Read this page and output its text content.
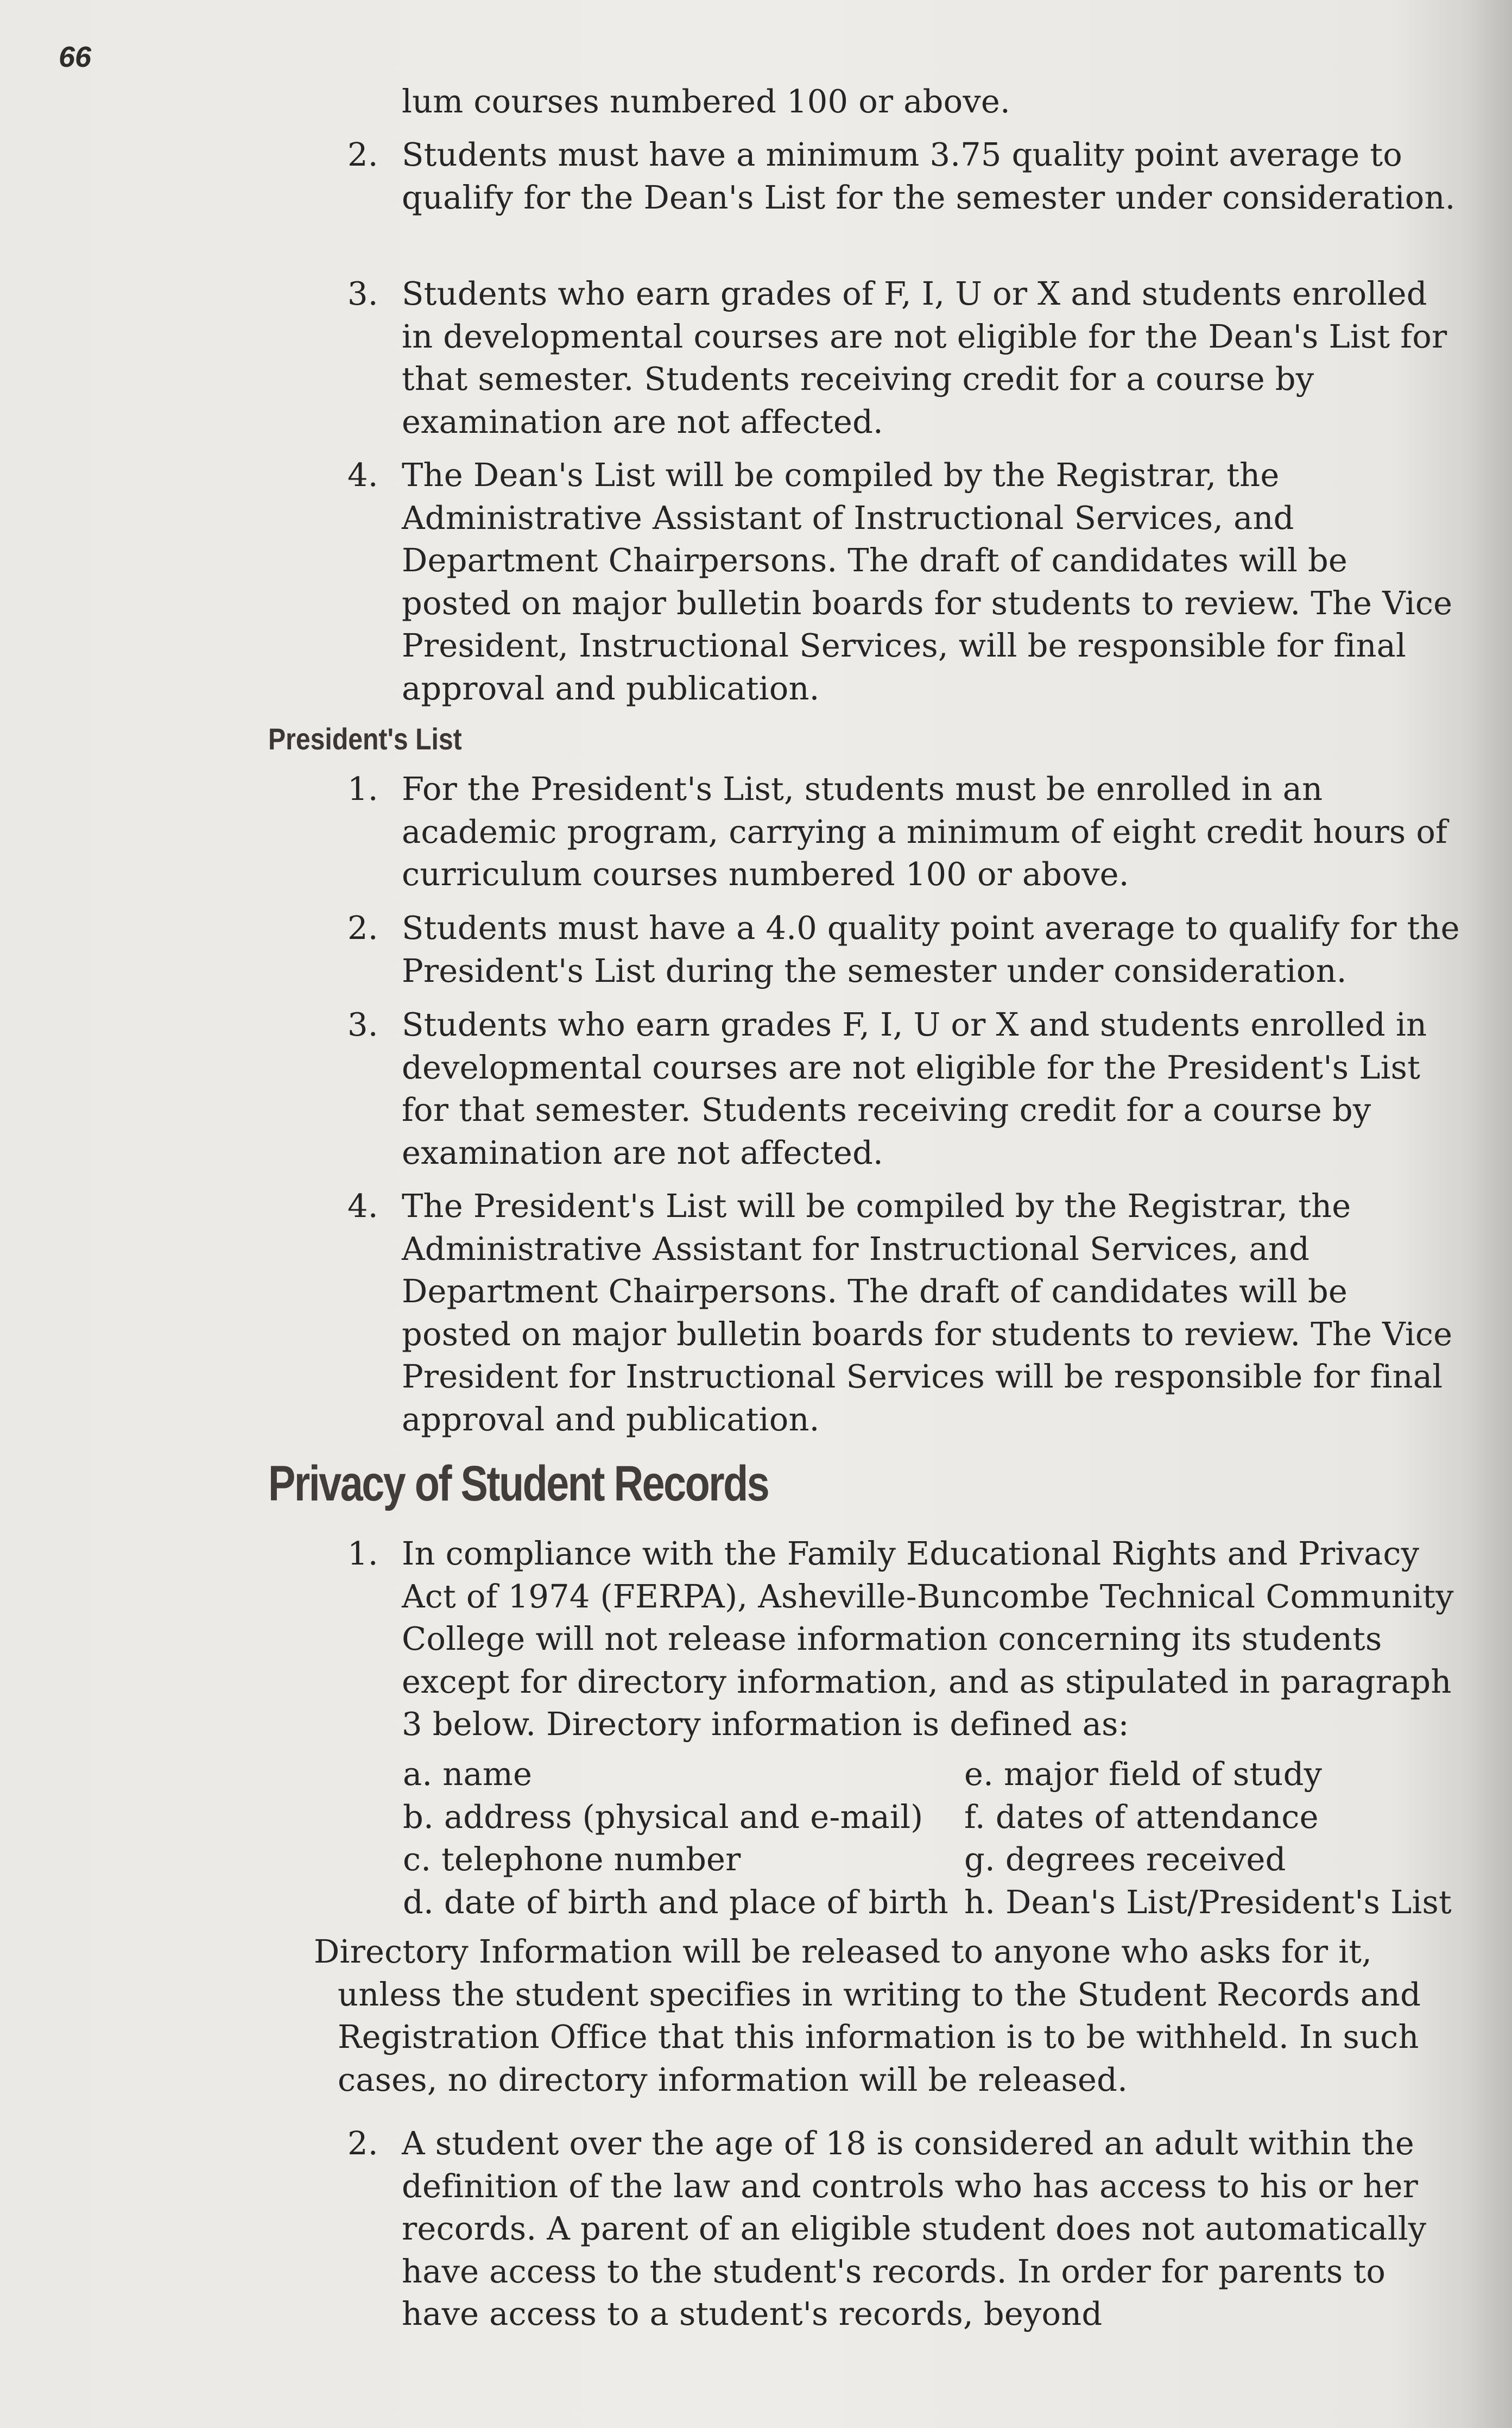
66
lum courses numbered 100 or above.
2. Students must have a minimum 3.75 quality point average to qualify for the Dean's List for the semester under consideration.
3. Students who earn grades of F, I, U or X and students enrolled in developmental courses are not eligible for the Dean's List for that semester. Students receiving credit for a course by examination are not affected.
4. The Dean's List will be compiled by the Registrar, the Administrative Assistant of Instructional Services, and Department Chairpersons. The draft of candidates will be posted on major bulletin boards for students to review. The Vice President, Instructional Services, will be responsible for final approval and publication.
President's List
1. For the President's List, students must be enrolled in an academic program, carrying a minimum of eight credit hours of curriculum courses numbered 100 or above.
2. Students must have a 4.0 quality point average to qualify for the President's List during the semester under consideration.
3. Students who earn grades F, I, U or X and students enrolled in developmental courses are not eligible for the President's List for that semester. Students receiving credit for a course by examination are not affected.
4. The President's List will be compiled by the Registrar, the Administrative Assistant for Instructional Services, and Department Chairpersons. The draft of candidates will be posted on major bulletin boards for students to review. The Vice President for Instructional Services will be responsible for final approval and publication.
Privacy of Student Records
1. In compliance with the Family Educational Rights and Privacy Act of 1974 (FERPA), Asheville-Buncombe Technical Community College will not release information concerning its students except for directory information, and as stipulated in paragraph 3 below. Directory information is defined as:
a. name
b. address (physical and e-mail)
c. telephone number
d. date of birth and place of birth
e. major field of study
f. dates of attendance
g. degrees received
h. Dean's List/President's List
Directory Information will be released to anyone who asks for it, unless the student specifies in writing to the Student Records and Registration Office that this information is to be withheld. In such cases, no directory information will be released.
2. A student over the age of 18 is considered an adult within the definition of the law and controls who has access to his or her records. A parent of an eligible student does not automatically have access to the student's records. In order for parents to have access to a student's records, beyond
